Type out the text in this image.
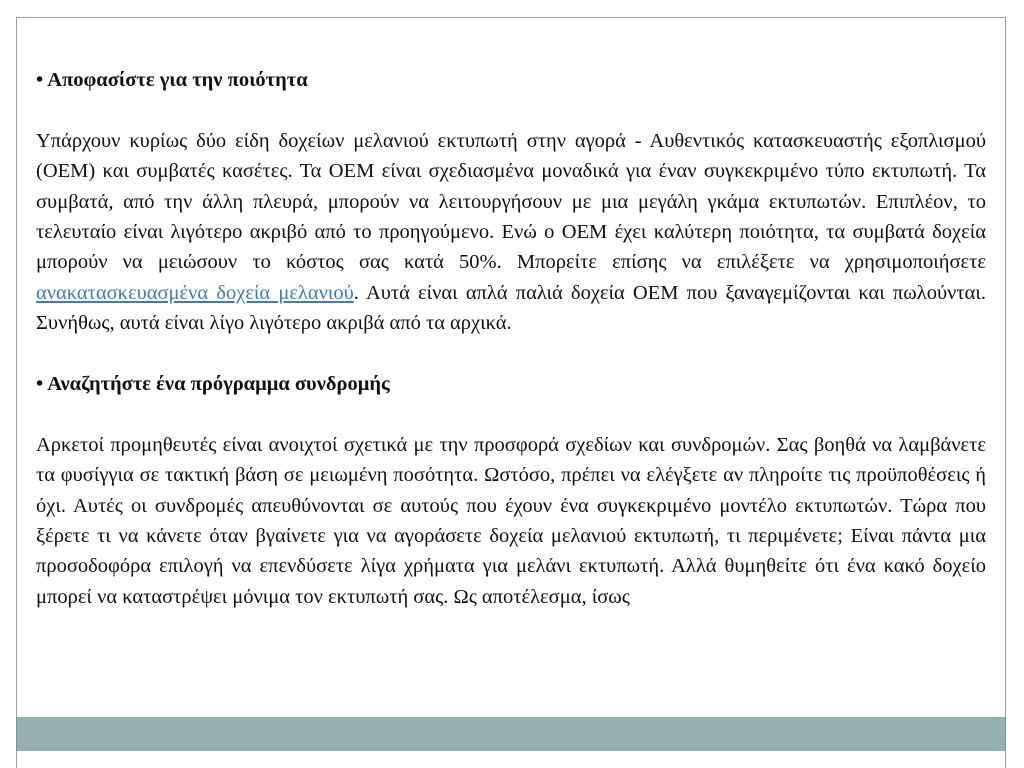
• Αποφασίστε για την ποιότητα

Υπάρχουν κυρίως δύο είδη δοχείων μελανιού εκτυπωτή στην αγορά - Αυθεντικός κατασκευαστής εξοπλισμού (OEM) και συμβατές κασέτες. Τα OEM είναι σχεδιασμένα μοναδικά για έναν συγκεκριμένο τύπο εκτυπωτή. Τα συμβατά, από την άλλη πλευρά, μπορούν να λειτουργήσουν με μια μεγάλη γκάμα εκτυπωτών. Επιπλέον, το τελευταίο είναι λιγότερο ακριβό από το προηγούμενο. Ενώ ο OEM έχει καλύτερη ποιότητα, τα συμβατά δοχεία μπορούν να μειώσουν το κόστος σας κατά 50%. Μπορείτε επίσης να επιλέξετε να χρησιμοποιήσετε ανακατασκευασμένα δοχεία μελανιού. Αυτά είναι απλά παλιά δοχεία OEM που ξαναγεμίζονται και πωλούνται. Συνήθως, αυτά είναι λίγο λιγότερο ακριβά από τα αρχικά.

• Αναζητήστε ένα πρόγραμμα συνδρομής

Αρκετοί προμηθευτές είναι ανοιχτοί σχετικά με την προσφορά σχεδίων και συνδρομών. Σας βοηθά να λαμβάνετε τα φυσίγγια σε τακτική βάση σε μειωμένη ποσότητα. Ωστόσο, πρέπει να ελέγξετε αν πληροίτε τις προϋποθέσεις ή όχι. Αυτές οι συνδρομές απευθύνονται σε αυτούς που έχουν ένα συγκεκριμένο μοντέλο εκτυπωτών. Τώρα που ξέρετε τι να κάνετε όταν βγαίνετε για να αγοράσετε δοχεία μελανιού εκτυπωτή, τι περιμένετε; Είναι πάντα μια προσοδοφόρα επιλογή να επενδύσετε λίγα χρήματα για μελάνι εκτυπωτή. Αλλά θυμηθείτε ότι ένα κακό δοχείο μπορεί να καταστρέψει μόνιμα τον εκτυπωτή σας. Ως αποτέλεσμα, ίσως
